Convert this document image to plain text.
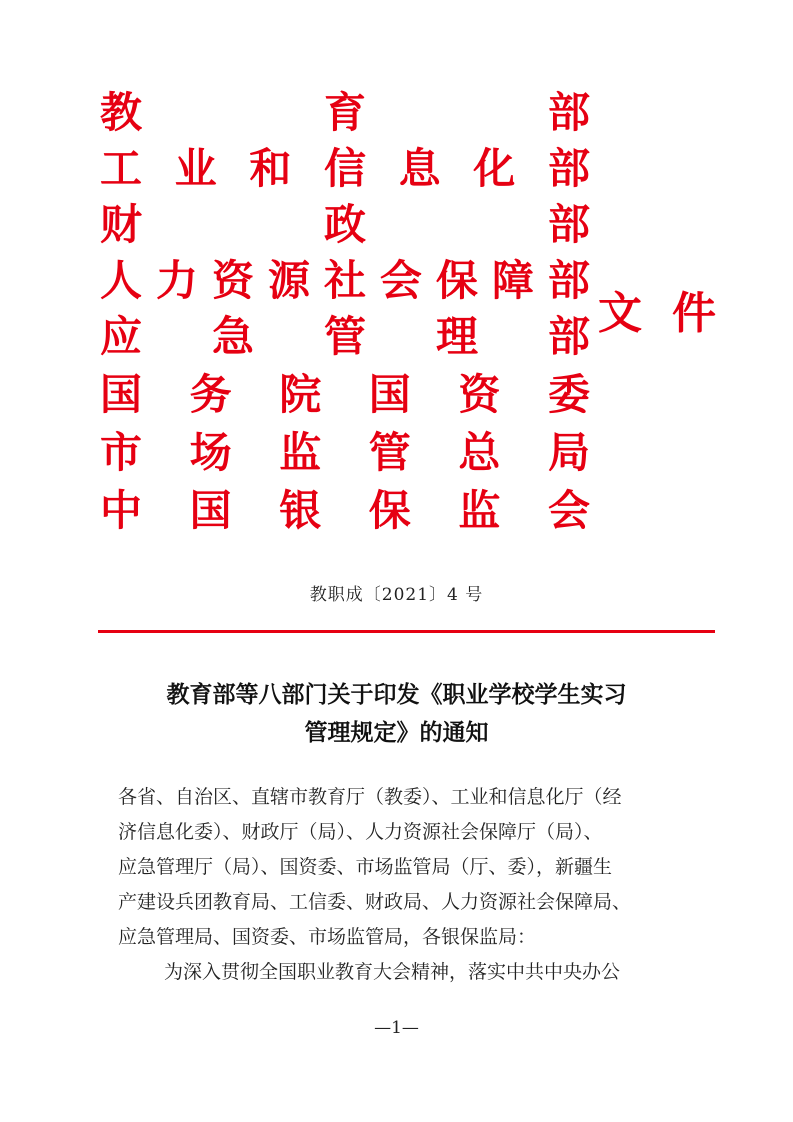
教	育	部
工 业 和 信 息 化 部
财	政	部
人 力 资 源 社 会 保 障 部
应 急 管 理 部
国 务 院 国 资 委
市 场 监 管 总 局
中 国 银 保 监 会
文 件
教职成〔2021〕4 号
教育部等八部门关于印发《职业学校学生实习
管理规定》的通知
各省、自治区、直辖市教育厅（教委）、工业和信息化厅（经
济信息化委）、财政厅（局）、人力资源社会保障厅（局）、
应急管理厅（局）、国资委、市场监管局（厅、委），新疆生
产建设兵团教育局、工信委、财政局、人力资源社会保障局、
应急管理局、国资委、市场监管局，各银保监局：
为深入贯彻全国职业教育大会精神，落实中共中央办公
—1—
